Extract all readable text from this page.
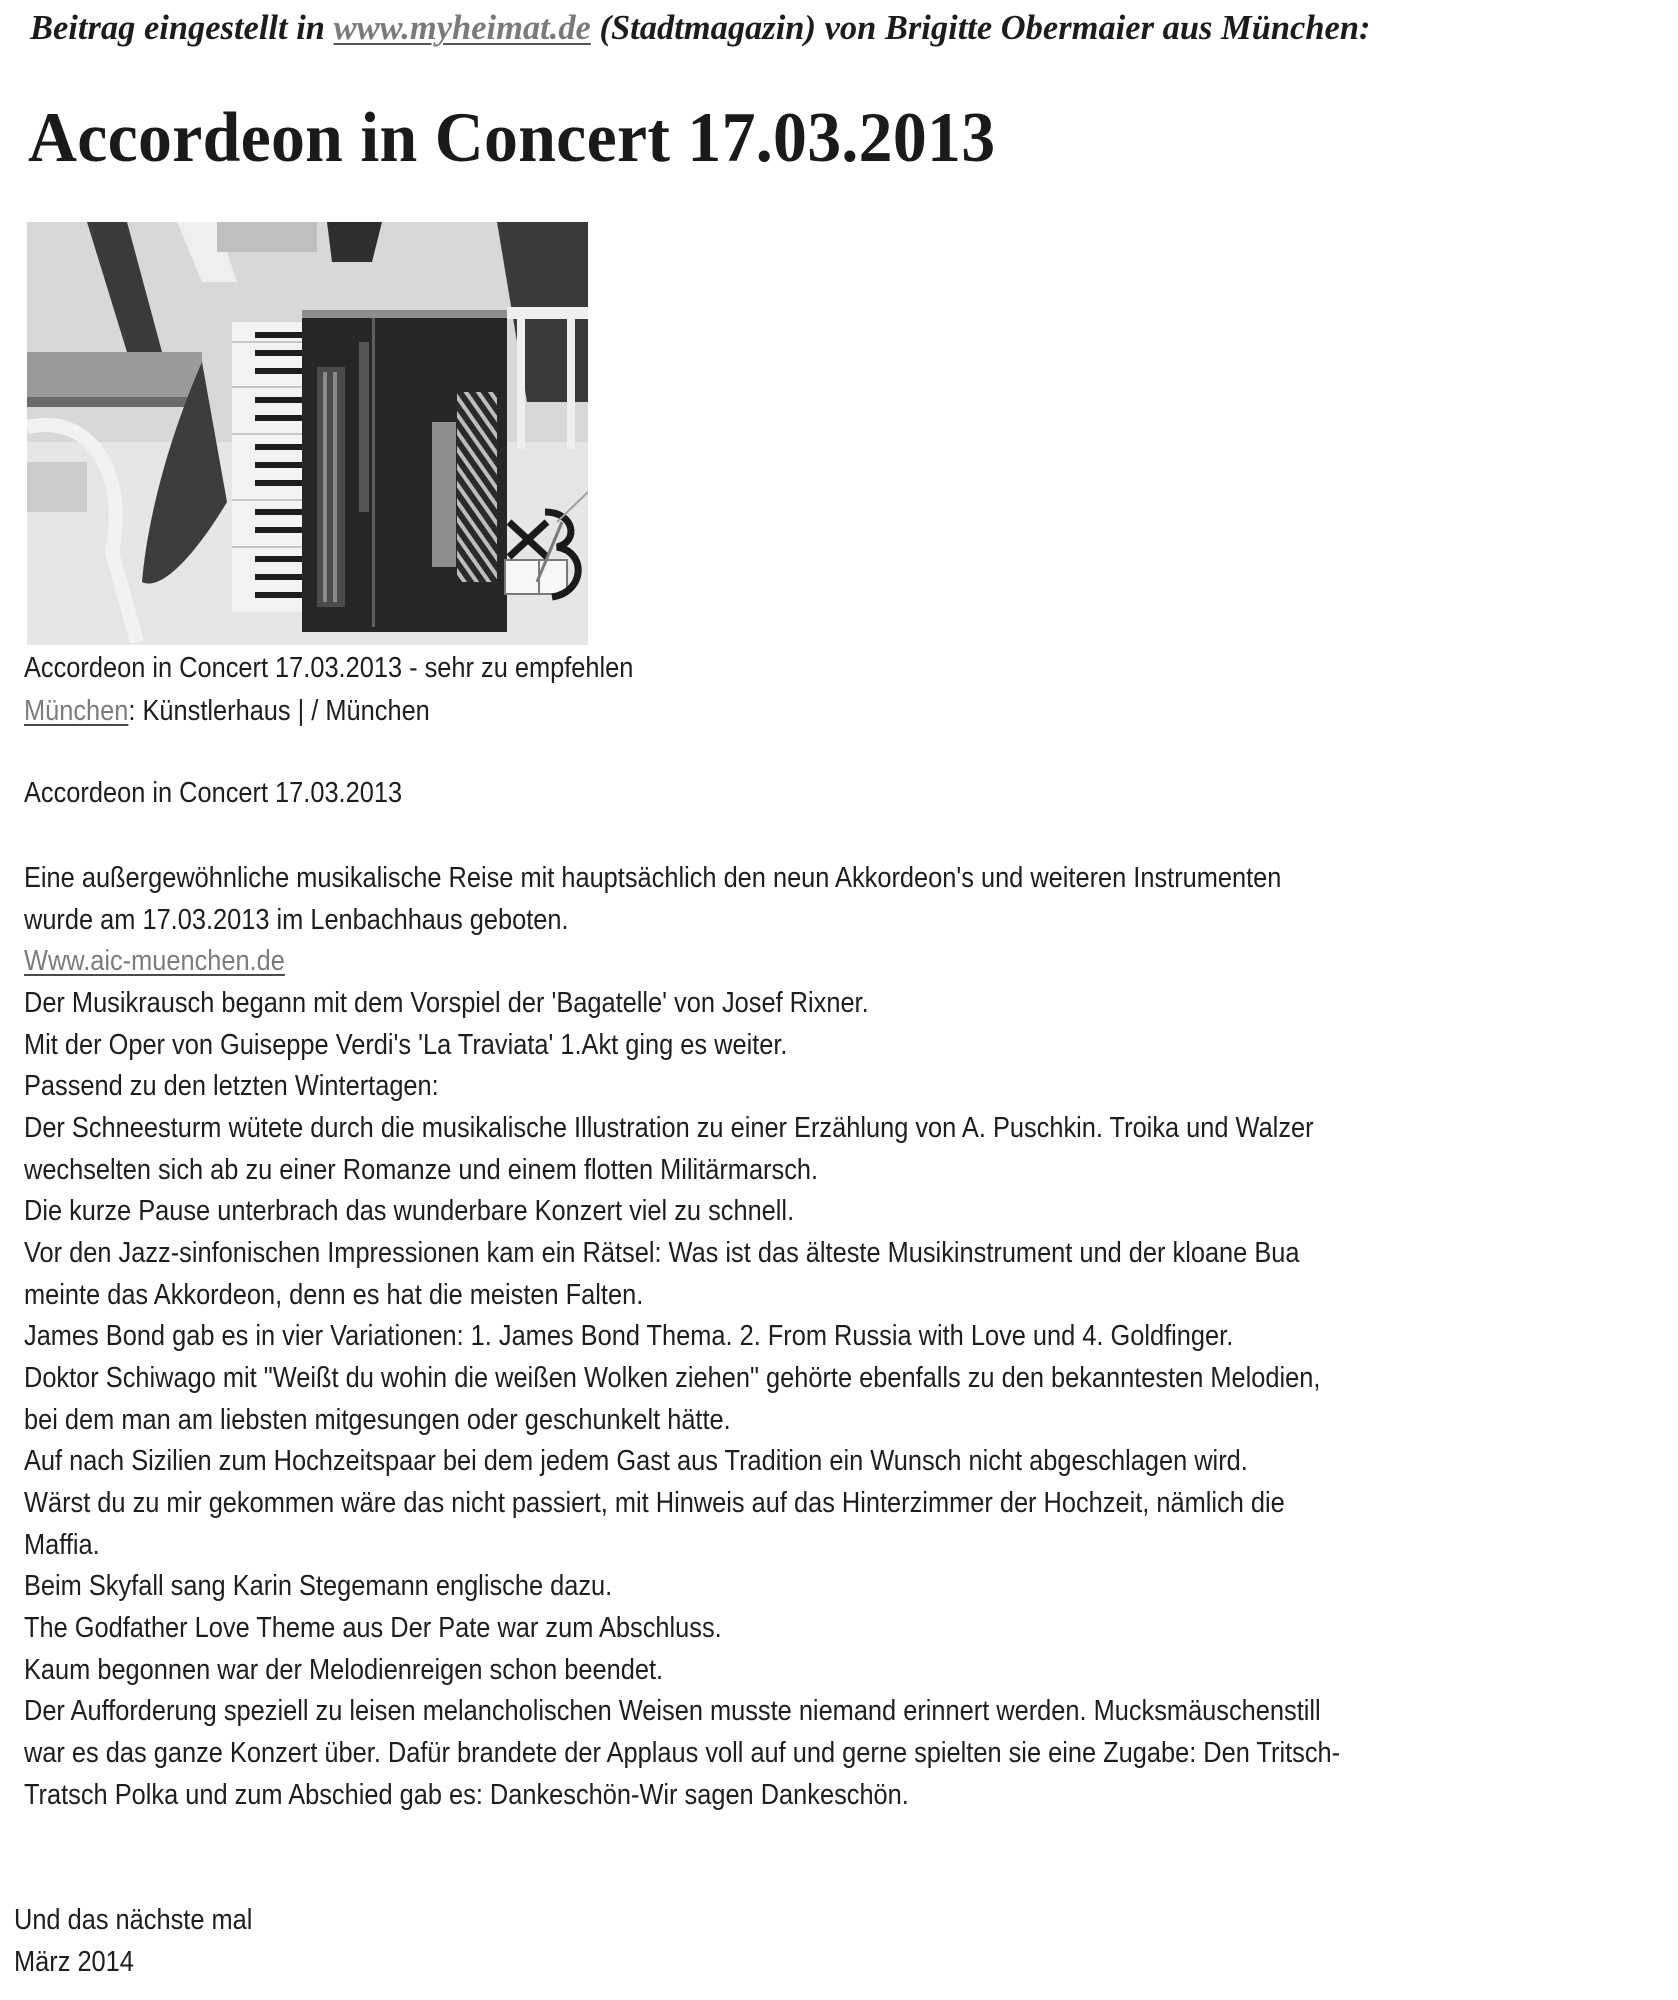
Beitrag eingestellt in www.myheimat.de (Stadtmagazin) von Brigitte Obermaier aus München:
Accordeon in Concert 17.03.2013
Accordeon in Concert 17.03.2013 - sehr zu empfehlen
München: Künstlerhaus | / München
Accordeon in Concert 17.03.2013
Eine außergewöhnliche musikalische Reise mit hauptsächlich den neun Akkordeon's und weiteren Instrumenten
wurde am 17.03.2013 im Lenbachhaus geboten.
Www.aic-muenchen.de
Der Musikrausch begann mit dem Vorspiel der 'Bagatelle' von Josef Rixner.
Mit der Oper von Guiseppe Verdi's 'La Traviata' 1.Akt ging es weiter.
Passend zu den letzten Wintertagen:
Der Schneesturm wütete durch die musikalische Illustration zu einer Erzählung von A. Puschkin. Troika und Walzer
wechselten sich ab zu einer Romanze und einem flotten Militärmarsch.
Die kurze Pause unterbrach das wunderbare Konzert viel zu schnell.
Vor den Jazz-sinfonischen Impressionen kam ein Rätsel: Was ist das älteste Musikinstrument und der kloane Bua
meinte das Akkordeon, denn es hat die meisten Falten.
James Bond gab es in vier Variationen: 1. James Bond Thema. 2. From Russia with Love und 4. Goldfinger.
Doktor Schiwago mit "Weißt du wohin die weißen Wolken ziehen" gehörte ebenfalls zu den bekanntesten Melodien,
bei dem man am liebsten mitgesungen oder geschunkelt hätte.
Auf nach Sizilien zum Hochzeitspaar bei dem jedem Gast aus Tradition ein Wunsch nicht abgeschlagen wird.
Wärst du zu mir gekommen wäre das nicht passiert, mit Hinweis auf das Hinterzimmer der Hochzeit, nämlich die
Maffia.
Beim Skyfall sang Karin Stegemann englische dazu.
The Godfather Love Theme aus Der Pate war zum Abschluss.
Kaum begonnen war der Melodienreigen schon beendet.
Der Aufforderung speziell zu leisen melancholischen Weisen musste niemand erinnert werden. Mucksmäuschenstill
war es das ganze Konzert über. Dafür brandete der Applaus voll auf und gerne spielten sie eine Zugabe: Den Tritsch-
Tratsch Polka und zum Abschied gab es: Dankeschön-Wir sagen Dankeschön.
Und das nächste mal
März 2014
